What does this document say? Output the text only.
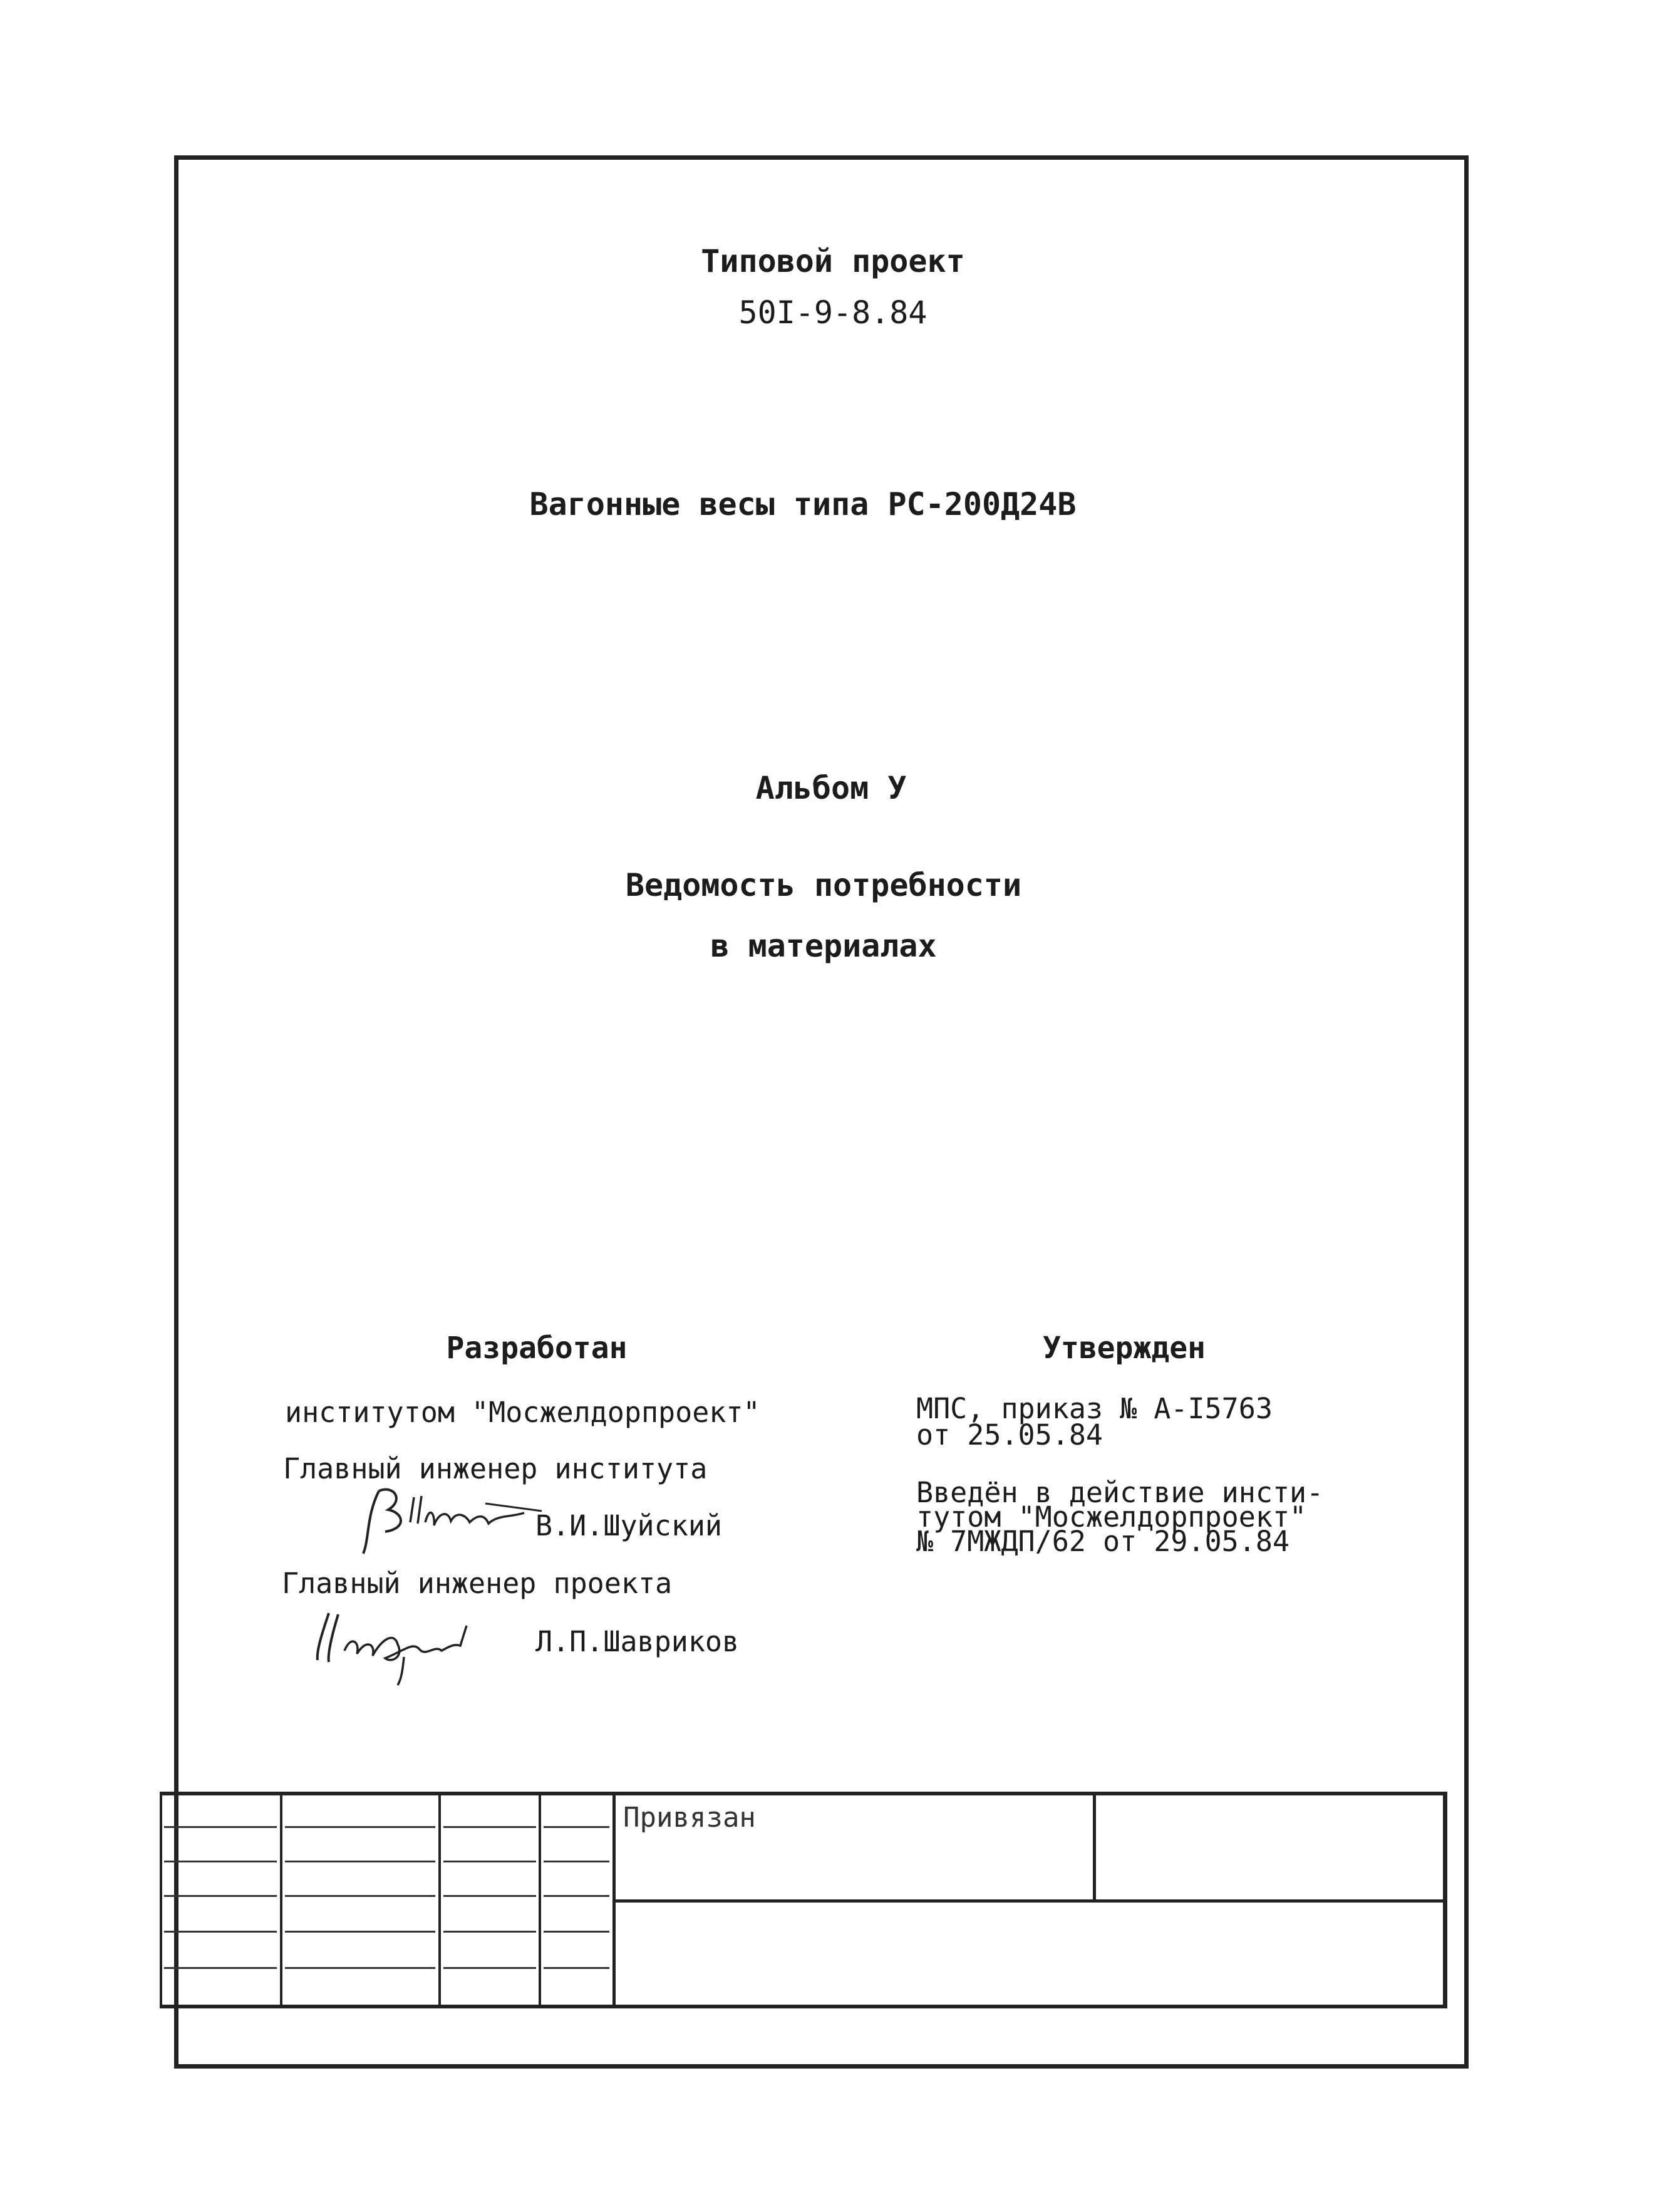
Типовой проект
50I-9-8.84
Вагонные весы типа РС-200Д24В
Альбом У
Ведомость потребности
в материалах
Разработан
институтом "Мосжелдорпроект"
Главный инженер института
В.И.Шуйский
Главный инженер проекта
Л.П.Шавриков
Утвержден
МПС, приказ № А-I5763
от 25.05.84
Введён в действие инсти-
тутом "Мосжелдорпроект"
№ 7МЖДП/62 от 29.05.84
Привязан
